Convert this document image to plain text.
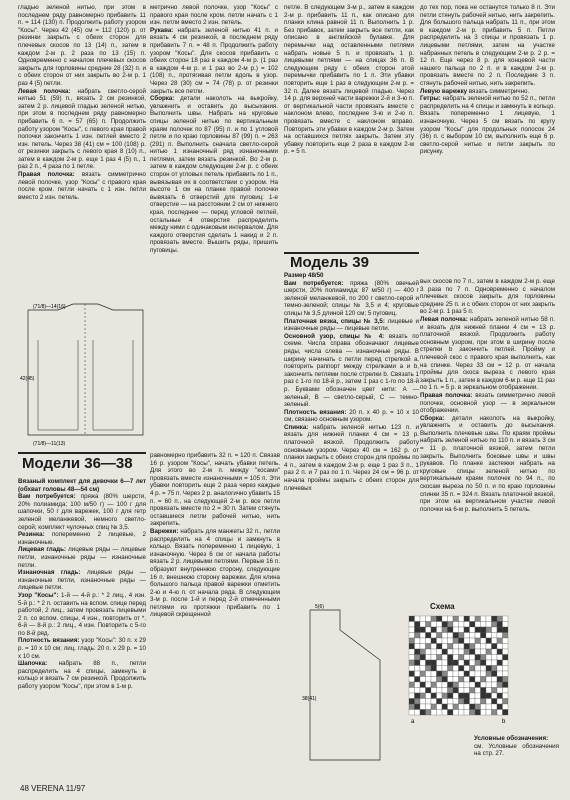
гладью зеленой нитью, при этом в последнем ряду равномерно прибавить 11 п. = 114 (130) п. Продолжить работу узором "Косы". Через 42 (45) см = 112 (120) р. от резинки закрыть с обеих сторон для плечевых скосов по 13 (14) п., затем в каждом 2-м р. 2 раза по 13 (15) п. Одновременно с началом плечевых скосов закрыть для горловины средние 28 (32) п. и с обеих сторон от них закрыть во 2-м р. 1 раз 4 (5) петли.

Левая полочка: набрать светло-серой нитью 51 (59) п., вязать 2 см резинкой, затем 2 р. лицевой гладью зеленой нитью, при этом в последнем ряду равномерно прибавить 6 п. = 57 (65) п. Продолжить работу узором "Косы", с левого края правой полочки закончить 1 изн. петлей вместо 2 изн. петель. Через 38 (41) см = 100 (108) р. от резинки закрыть с левого края 8 (10) п., затем в каждом 2-м р. еще 1 раз 4 (5) п., 1 раз 2 п., 4 раза по 1 петле.

Правая полочка: вязать симметрично левой полочке, узор "Косы" с правого края после кром. петли начать с 1 изн. петли вместо 2 изн. петель.

(71/8)—14(16)
42(45)
(71/8)—11(13)

метрично левой полочке, узор "Косы" с правого края после кром. петли начать с 1 изн. петли вместо 2 изн. петель.

Рукава: набрать зеленой нитью 41 п. и вязать 4 см резинкой, в последнем ряду прибавить 7 п. = 48 п. Продолжить работу узором "Косы". Для скосов прибавить с обеих сторон 18 раз в каждом 4-м р. (1 раз в каждом 4-м р. и 1 раз во 2-м р.) = 102 (108) п., протягивая петли вдоль в узор. Через 28 (30) см = 74 (78) р. от резинки закрыть все петли.

Сборка: детали наколоть на выкройку, увлажнить и оставить до высыхания. Выполнить швы. Набрать на круговые спицы зеленой нитью по вертикальным краям полочек по 87 (95) п. и по 1 угловой петле и по краю горловины 87 (99) п. = 263 (291) п. Выполнить сначала светло-серой нитью 1 изнаночный ряд изнаночными петлями, затем вязать резинкой. Во 2-м р. затем в каждом следующем 2-м р. с обеих сторон от угловых петель прибавить по 1 п., вывязывая их в соответствии с узором. На высоте 1 см на планке правой полочки вывязать 6 отверстий для пуговиц: 1-е отверстие — на расстоянии 2 см от нижнего края, последнее — перед угловой петлей, остальные 4 отверстия распределить между ними с одинаковым интервалом. Для каждого отверстия сделать 1 накид и 2 п. провязать вместе. Вышить ряды, пришить пуговицы.

петле. В следующем 3-м р., затем в каждом 2-м р. прибавить 11 п., как описано для планки клина равной 11 п. Выполнить 1 р. Без прибавок, затем закрыть все петли, как описано в английской булавке. Для перемычки над оставленными петлями набрать новые 5 п. и провязать 1 р. лицевыми петлями — на спицах 36 п. В следующем ряду с обеих сторон этой перемычки прибавить по 1 п. Эти убавки повторить еще 1 раз в следующем 2-м р. = 32 п. Далее вязать лицевой гладью. Через 14 р. для верхней части варежки 2-й и 3-ю п. от вертикальной части провязать вместе с наклоном влево, последние 3-ю и 2-ю п. провязать вместе с наклоном вправо. Повторить эти убавки в каждом 2-м р. Затем на оставшихся петлях закрыть. Затем эту убавку повторить еще 2 раза в каждом 2-м р. = 5 п.

до тех пор, пока не останутся только 8 п. Эти петли стянуть рабочей нитью, нить закрепить. Для большого пальца набрать 11 п., при этом в каждом 2-м р. прибавить 5 п. Петли распределить на 3 спицы и провязать 1 р. лицевыми петлями, затем на участке набранных петель в следующем 2-м р. 2 р. = 12 п. Еще через 8 р. для концевой части нашего пальца по 2 п. и в каждом 2-м р. провязать вместе по 2 п. Последние 3 п. стянуть рабочей нитью, нить закрепить.

Левую варежку вязать симметрично.

Гетры: набрать зеленой нитью по 52 п., петли распределить на 4 спицы и замкнуть в кольцо. Вязать попеременно 1 лицевую, 1 изнаночную. Через 5 см вязать по кругу узором "Косы" для продольных полосок 24 (36) п. с выбором 10 см, выполнить еще 6 р. светло-серой нитью и петли закрыть по рисунку.

Модель 39

Размер 48/50

Вам потребуется: пряжа (80% овечьей шерсти, 20% полиамида; 87 м/50 г) — 400 г зеленой меланжевой, по 200 г светло-серой и темно-зеленой; спицы № 3,5 и 4; круговые спицы № 3,5 длиной 120 см; 5 пуговиц.

Платочная вязка, спицы № 3,5: лицевые и изнаночные ряды — лицевые петли.

Основной узор, спицы № 4: вязать по схеме. Числа справа обозначают лицевые ряды, числа слева — изнаночные ряды. В ширину начинать с петли перед стрелкой а, повторить раппорт между стрелками а и b, закончить петлями после стрелки b. Связать 1 раз с 1-го по 18-й р., затем 1 раз с 1-го по 18-й р. Буквами обозначен цвет нити: A — зеленый, В — светло-серый, С — темно-зеленый.

Плотность вязания: 20 п. х 40 р. = 10 х 10 см, связано основным узором.

Спинка: набрать зеленой нитью 123 п. и вязать для нижней планки 4 см = 13 р. платочной вязкой. Продолжить работу основным узором. Через 40 см = 162 р. от планки закрыть с обеих сторон для проймы по 4 п., затем в каждом 2-м р. еще 1 раз 3 п., 1 раз 2 п. и 7 раз по 1 п. Через 24 см = 96 р. от начала проймы закрыть с обеих сторон для плечевых

Модели 36—38

Вязаный комплект для девочки 6—7 лет (обхват головы 48—54 см)

Вам потребуется: пряжа (80% шерсти, 20% полиамида; 100 м/50 г) — 100 г для шапочки, 50 г для варежек, 100 г для гетр зеленой меланжевой, немного светло-серой; комплект чулочных спиц № 3,5.

Резинка: попеременно 2 лицевые, 2 изнаночные.

Лицевая гладь: лицевые ряды — лицевые петли, изнаночные ряды — изнаночные петли.

Изнаночная гладь: лицевые ряды — изнаночные петли, изнаночные ряды — лицевые петли.

Узор "Косы": 1-й — 4-й р.: * 2 лиц., 4 изн. 5-й р.: * 2 п. оставить на вспом. спице перед работой, 2 лиц., затем провязать лицевыми 2 п. со вспом. спицы, 4 изн., повторить от *. 6-й — 8-й р.: 2 лиц., 4 изн. Повторить с 5-го по 8-й ряд.

Плотность вязания: узор "Косы": 30 п. х 29 р. = 10 х 10 см; лиц. гладь: 20 п. х 29 р. = 10 х 10 см.

Шапочка: набрать 88 п., петли распределить на 4 спицы, замкнуть в кольцо и вязать 7 см резинкой. Продолжить работу узором "Косы", при этом в 1-м р.

равномерно прибавить 32 п. = 120 п. Связав 16 р. узором "Косы", начать убавки петель. Для этого во 2-м п. между "косами" провязать вместе изнаночными = 105 п. Эти убавки повторить еще 2 раза через каждые 4 р. = 75 п. Через 2 р. аналогично убавить 15 п. = 60 п., на следующей 2-м р. все петли провязать вместе по 2 = 30 п. Затем стянуть оставшиеся петли рабочей нитью, нить закрепить.

Варежки: набрать для манжеты 32 п., петли распределить на 4 спицы и замкнуть в кольцо. Вязать попеременно 1 лицевую, 1 изнаночную. Через 6 см от начала работы вязать 2 р. лицевыми петлями. Первые 16 п. образуют внутреннюю сторону, следующие 16 п. внешнюю сторону варежки. Для клина большого пальца правой варежки отметить 2-ю и 4-ю п. от начала ряда. В следующем 3-м р. после 1-й и перед 2-й отмеченными петлями из протяжки прибавить по 1 лицевой скрещенной

вых скосов по 7 п., затем в каждом 2-м р. еще 3 раза по 7 п. Одновременно с началом плечевых скосов закрыть для горловины средние 25 п. и с обеих сторон от них закрыть во 2-м р. 1 раз 5 п.

Левая полочка: набрать зеленой нитью 58 п. и вязать для нижней планки 4 см = 13 р. платочной вязкой. Продолжить работу основным узором, при этом в ширину после стрелки b закончить петлей. Пройму и плечевой скос с правого края выполнить, как на спинке. Через 33 см = 12 р. от начала проймы для скоса выреза с левого края закрыть 1 п., затем в каждом 6-м р. еще 11 раз по 1 п. = 5 р. в зеркальном отображении.

Правая полочка: вязать симметрично левой полочке, основной узор — в зеркальном отображении.

Сборка: детали наколоть на выкройку, увлажнить и оставить до высыхания. Выполнить плечевые швы. По краям проймы набрать зеленой нитью по 110 п. и вязать 3 см = 11 р. платочной вязкой, затем петли закрыть. Выполнить боковые швы и швы рукавов. По планке застежки набрать на круговые спицы зеленой нитью по вертикальным краям полочек по 94 п., по скосам выреза по 50 п. и по краю горловины спинки 35 п. = 324 п. Вязать платочной вязкой, при этом на вертикальном участке левой полочки на 6-м р. выполнить 5 петель.

Схема
5(6)
38(41)
a	b

Условные обозначения:

см. Условные обозначения на стр. 27.

48 VERENA 11/97
